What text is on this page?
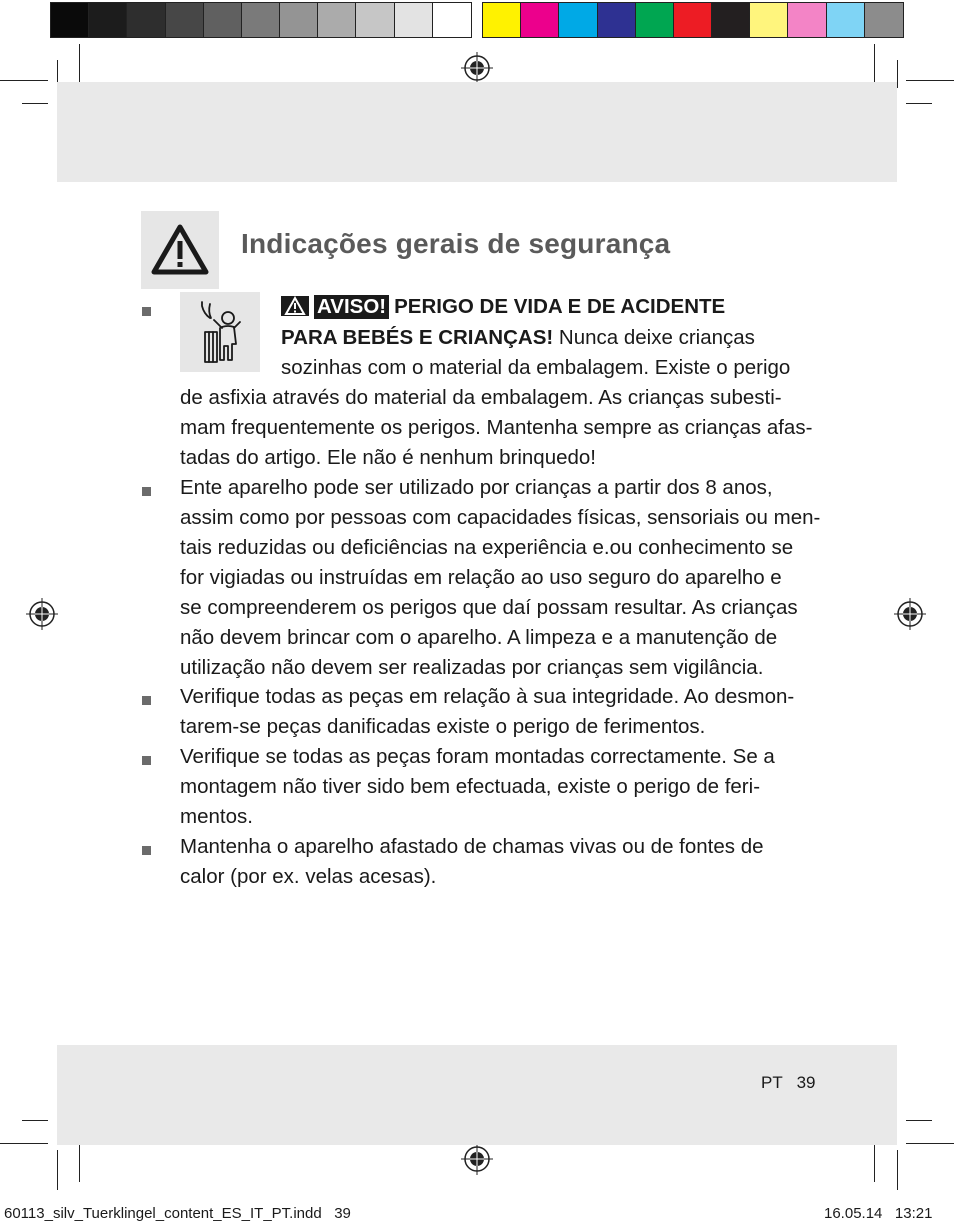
Indicações gerais de segurança
AVISO! PERIGO DE VIDA E DE ACIDENTE
PARA BEBÉS E CRIANÇAS! Nunca deixe crianças
sozinhas com o material da embalagem. Existe o perigo
de asfixia através do material da embalagem. As crianças subesti-
mam frequentemente os perigos. Mantenha sempre as crianças afas-
tadas do artigo. Ele não é nenhum brinquedo!
Ente aparelho pode ser utilizado por crianças a partir dos 8 anos,
assim como por pessoas com capacidades físicas, sensoriais ou men-
tais reduzidas ou deficiências na experiência e.ou conhecimento se
for vigiadas ou instruídas em relação ao uso seguro do aparelho e
se compreenderem os perigos que daí possam resultar. As crianças
não devem brincar com o aparelho. A limpeza e a manutenção de
utilização não devem ser realizadas por crianças sem vigilância.
Verifique todas as peças em relação à sua integridade. Ao desmon-
tarem-se peças danificadas existe o perigo de ferimentos.
Verifique se todas as peças foram montadas correctamente. Se a
montagem não tiver sido bem efectuada, existe o perigo de feri-
mentos.
Mantenha o aparelho afastado de chamas vivas ou de fontes de
calor (por ex. velas acesas).
PT   39
60113_silv_Tuerklingel_content_ES_IT_PT.indd   39	16.05.14   13:21
